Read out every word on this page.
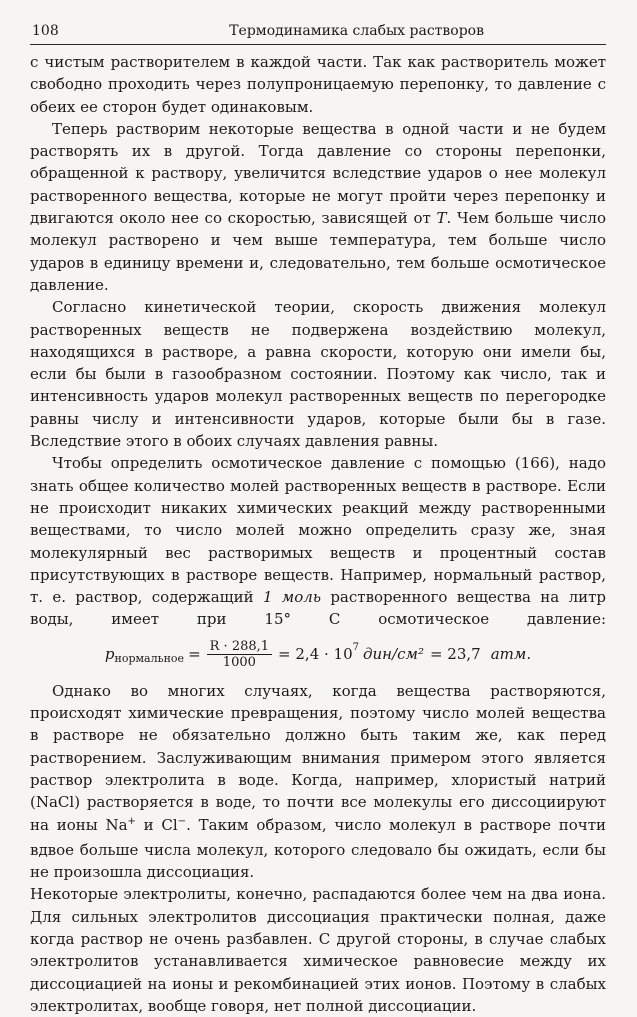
108	Термодинамика слабых растворов

с чистым растворителем в каждой части. Так как растворитель может свободно проходить через полупроницаемую перепонку, то давление с обеих ее сторон будет одинаковым.

Теперь растворим некоторые вещества в одной части и не будем растворять их в другой. Тогда давление со стороны перепонки, обращенной к раствору, увеличится вследствие ударов о нее молекул растворенного вещества, которые не могут пройти через перепонку и двигаются около нее со скоростью, зависящей от T. Чем больше число молекул растворено и чем выше температура, тем больше число ударов в единицу времени и, следовательно, тем больше осмотическое давление.

Согласно кинетической теории, скорость движения молекул растворенных веществ не подвержена воздействию молекул, находящихся в растворе, а равна скорости, которую они имели бы, если бы были в газообразном состоянии. Поэтому как число, так и интенсивность ударов молекул растворенных веществ по перегородке равны числу и интенсивности ударов, которые были бы в газе. Вследствие этого в обоих случаях давления равны.

Чтобы определить осмотическое давление с помощью (166), надо знать общее количество молей растворенных веществ в растворе. Если не происходит никаких химических реакций между растворенными веществами, то число молей можно определить сразу же, зная молекулярный вес растворимых веществ и процентный состав присутствующих в растворе веществ. Например, нормальный раствор, т. е. раствор, содержащий 1 моль растворенного вещества на литр воды, имеет при 15° С осмотическое давление:

p нормальное = $\frac{R \cdot 288,1}{1000} = 2,4 \cdot 10$ 7 дин/см² = 23,7 атм.

Однако во многих случаях, когда вещества растворяются, происходят химические превращения, поэтому число молей вещества в растворе не обязательно должно быть таким же, как перед растворением. Заслуживающим внимания примером этого является раствор электролита в воде. Когда, например, хлористый натрий (NaCl) растворяется в воде, то почти все молекулы его диссоциируют на ионы Na+ и Cl−. Таким образом, число молекул в растворе почти вдвое больше числа молекул, которого следовало бы ожидать, если бы не произошла диссоциация.

Некоторые электролиты, конечно, распадаются более чем на два иона. Для сильных электролитов диссоциация практически полная, даже когда раствор не очень разбавлен. С другой стороны, в случае слабых электролитов устанавливается химическое равновесие между их диссоциацией на ионы и рекомбинацией этих ионов. Поэтому в слабых электролитах, вообще говоря, нет полной диссоциации.
